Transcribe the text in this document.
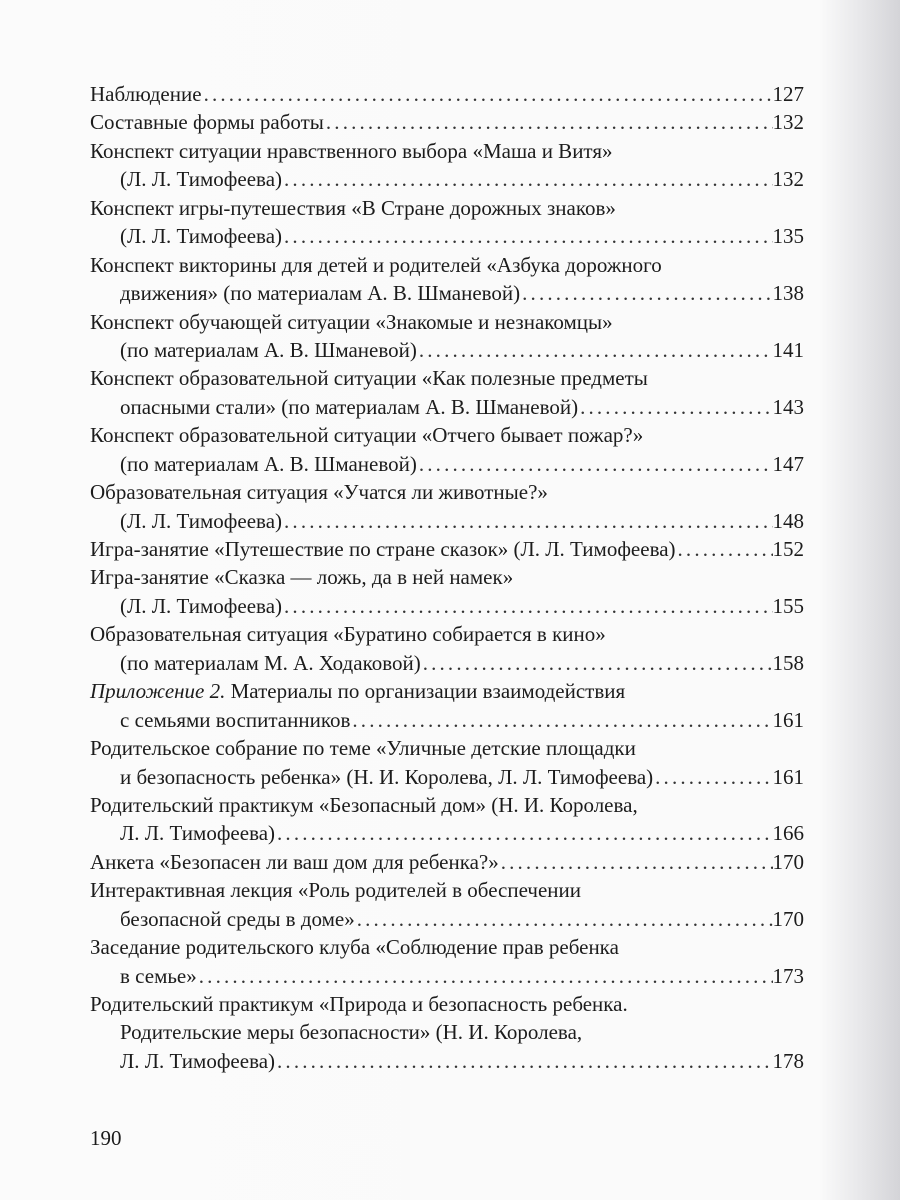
Наблюдение . . .	127
Составные формы работы . . .	132
Конспект ситуации нравственного выбора «Маша и Витя»
(Л. Л. Тимофеева) . . .	132
Конспект игры-путешествия «В Стране дорожных знаков»
(Л. Л. Тимофеева) . . .	135
Конспект викторины для детей и родителей «Азбука дорожного
движения» (по материалам А. В. Шманевой) . . .	138
Конспект обучающей ситуации «Знакомые и незнакомцы»
(по материалам А. В. Шманевой) . . .	141
Конспект образовательной ситуации «Как полезные предметы
опасными стали» (по материалам А. В. Шманевой) . . .	143
Конспект образовательной ситуации «Отчего бывает пожар?»
(по материалам А. В. Шманевой) . . .	147
Образовательная ситуация «Учатся ли животные?»
(Л. Л. Тимофеева) . . .	148
Игра-занятие «Путешествие по стране сказок» (Л. Л. Тимофеева) . . .	152
Игра-занятие «Сказка — ложь, да в ней намек»
(Л. Л. Тимофеева) . . .	155
Образовательная ситуация «Буратино собирается в кино»
(по материалам М. А. Ходаковой) . . .	158
Приложение 2. Материалы по организации взаимодействия
с семьями воспитанников . . .	161
Родительское собрание по теме «Уличные детские площадки
и безопасность ребенка» (Н. И. Королева, Л. Л. Тимофеева) . . .	161
Родительский практикум «Безопасный дом» (Н. И. Королева,
Л. Л. Тимофеева) . . .	166
Анкета «Безопасен ли ваш дом для ребенка?» . . .	170
Интерактивная лекция «Роль родителей в обеспечении
безопасной среды в доме» . . .	170
Заседание родительского клуба «Соблюдение прав ребенка
в семье» . . .	173
Родительский практикум «Природа и безопасность ребенка.
Родительские меры безопасности» (Н. И. Королева,
Л. Л. Тимофеева) . . .	178
190
